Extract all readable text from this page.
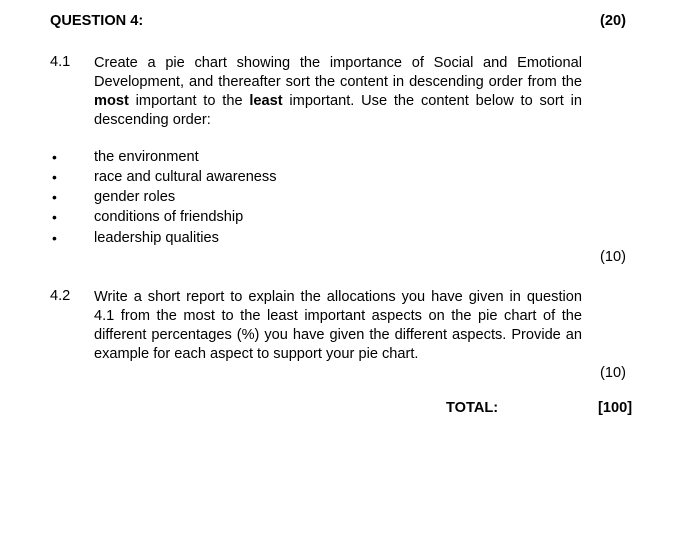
QUESTION 4:	(20)
4.1 Create a pie chart showing the importance of Social and Emotional Development, and thereafter sort the content in descending order from the most important to the least important. Use the content below to sort in descending order:
•	the environment
•	race and cultural awareness
•	gender roles
•	conditions of friendship
•	leadership qualities
(10)
4.2 Write a short report to explain the allocations you have given in question 4.1 from the most to the least important aspects on the pie chart of the different percentages (%) you have given the different aspects. Provide an example for each aspect to support your pie chart.
(10)
TOTAL:	[100]
